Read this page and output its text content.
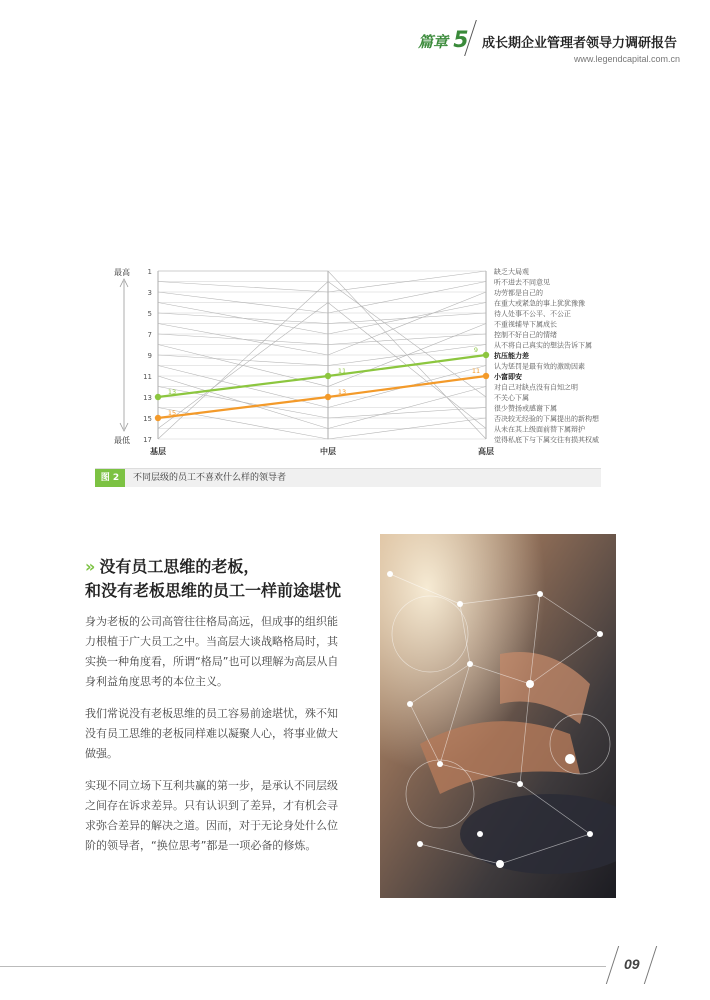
篇章 5 成长期企业管理者领导力调研报告
www.legendcapital.com.cn
最高
最低
1
3
5
7
9
11
13
15
17
13
11
9
15
13
11
基层	中层	高层
缺乏大局观
听不进去不同意见
功劳都是自己的
在重大或紧急的事上犹犹豫豫
待人处事不公平、不公正
不重视辅导下属成长
控制不好自己的情绪
从不将自己真实的想法告诉下属
抗压能力差
认为惩罚是最有效的激励因素
小富即安
对自己对缺点没有自知之明
不关心下属
很少赞扬或感谢下属
否决较无经验的下属提出的新构想
从未在其上级面前替下属辩护
觉得私底下与下属交往有损其权威
图 2	不同层级的员工不喜欢什么样的领导者
» 没有员工思维的老板，
和没有老板思维的员工一样前途堪忧
身为老板的公司高管往往格局高远，但成事的组织能力根植于广大员工之中。当高层大谈战略格局时，其实换一种角度看，所谓“格局”也可以理解为高层从自身利益角度思考的本位主义。
我们常说没有老板思维的员工容易前途堪忧，殊不知没有员工思维的老板同样难以凝聚人心，将事业做大做强。
实现不同立场下互利共赢的第一步，是承认不同层级之间存在诉求差异。只有认识到了差异，才有机会寻求弥合差异的解决之道。因而，对于无论身处什么位阶的领导者，“换位思考”都是一项必备的修炼。
09
